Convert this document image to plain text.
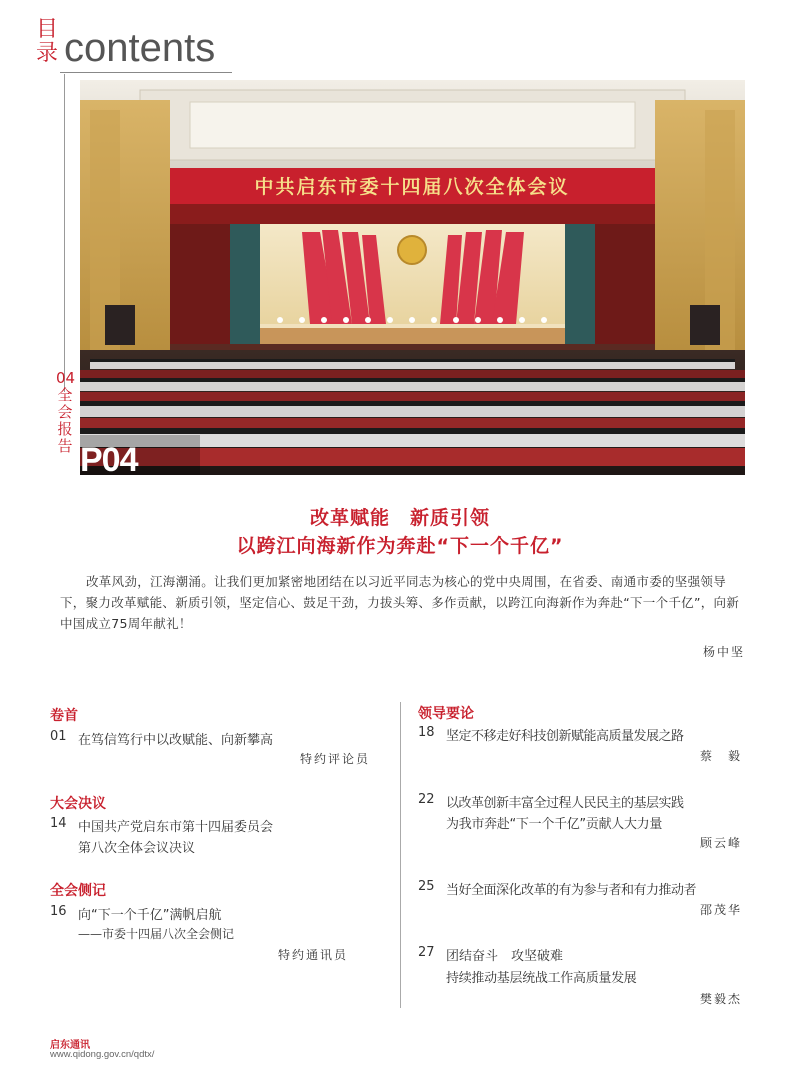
目录 contents
04 全会报告
中共启东市委十四届八次全体会议
P04
改革赋能　新质引领
以跨江向海新作为奔赴“下一个千亿”
改革风劲，江海潮涌。让我们更加紧密地团结在以习近平同志为核心的党中央周围，在省委、南通市委的坚强领导下，聚力改革赋能、新质引领，坚定信心、鼓足干劲，力拔头筹、多作贡献，以跨江向海新作为奔赴“下一个千亿”，向新中国成立75周年献礼！
杨中坚
卷首
01 在笃信笃行中以改赋能、向新攀高
特约评论员
大会决议
14 中国共产党启东市第十四届委员会
第八次全体会议决议
全会侧记
16 向“下一个千亿”满帆启航
——市委十四届八次全会侧记
特约通讯员
领导要论
18 坚定不移走好科技创新赋能高质量发展之路
蔡　毅
22 以改革创新丰富全过程人民民主的基层实践
为我市奔赴“下一个千亿”贡献人大力量
顾云峰
25 当好全面深化改革的有为参与者和有力推动者
邵茂华
27 团结奋斗　攻坚破难
持续推动基层统战工作高质量发展
樊毅杰
启东通讯
www.qidong.gov.cn/qdtx/
